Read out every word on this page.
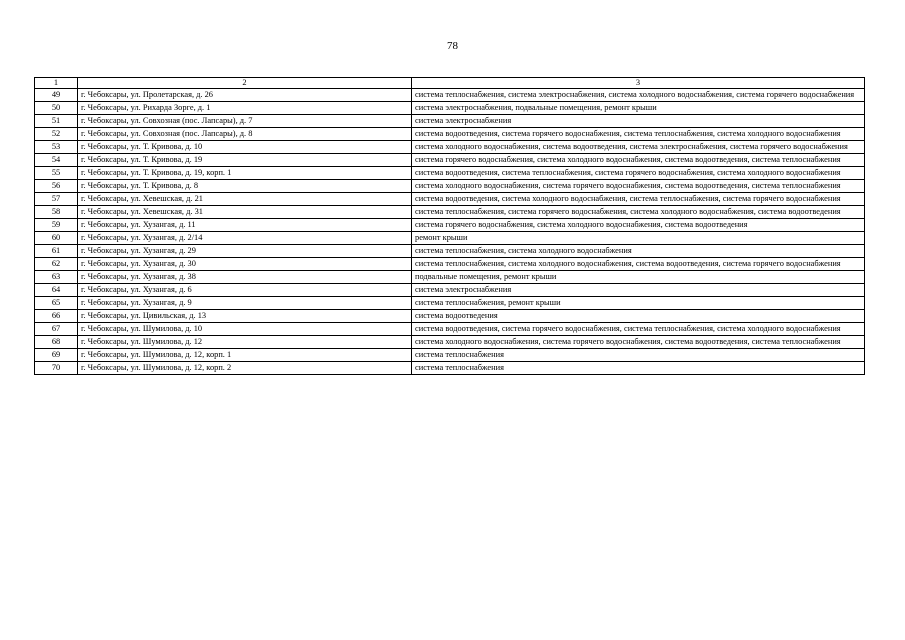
78
1	2	3
49	г. Чебоксары, ул. Пролетарская, д. 26	система теплоснабжения, система электроснабжения, система холодного водоснабжения, система горячего водоснабжения
50	г. Чебоксары, ул. Рихарда Зорге, д. 1	система электроснабжения, подвальные помещения, ремонт крыши
51	г. Чебоксары, ул. Совхозная (пос. Лапсары), д. 7	система электроснабжения
52	г. Чебоксары, ул. Совхозная (пос. Лапсары), д. 8	система водоотведения, система горячего водоснабжения, система теплоснабжения, система холодного водоснабжения
53	г. Чебоксары, ул. Т. Кривова, д. 10	система холодного водоснабжения, система водоотведения, система электроснабжения, система горячего водоснабжения
54	г. Чебоксары, ул. Т. Кривова, д. 19	система горячего водоснабжения, система холодного водоснабжения, система водоотведения, система теплоснабжения
55	г. Чебоксары, ул. Т. Кривова, д. 19, корп. 1	система водоотведения, система теплоснабжения, система горячего водоснабжения, система холодного водоснабжения
56	г. Чебоксары, ул. Т. Кривова, д. 8	система холодного водоснабжения, система горячего водоснабжения, система водоотведения, система теплоснабжения
57	г. Чебоксары, ул. Хевешская, д. 21	система водоотведения, система холодного водоснабжения, система теплоснабжения, система горячего водоснабжения
58	г. Чебоксары, ул. Хевешская, д. 31	система теплоснабжения, система горячего водоснабжения, система холодного водоснабжения, система водоотведения
59	г. Чебоксары, ул. Хузангая, д. 11	система горячего водоснабжения, система холодного водоснабжения, система водоотведения
60	г. Чебоксары, ул. Хузангая, д. 2/14	ремонт крыши
61	г. Чебоксары, ул. Хузангая, д. 29	система теплоснабжения, система холодного водоснабжения
62	г. Чебоксары, ул. Хузангая, д. 30	система теплоснабжения, система холодного водоснабжения, система водоотведения, система горячего водоснабжения
63	г. Чебоксары, ул. Хузангая, д. 38	подвальные помещения, ремонт крыши
64	г. Чебоксары, ул. Хузангая, д. 6	система электроснабжения
65	г. Чебоксары, ул. Хузангая, д. 9	система теплоснабжения, ремонт крыши
66	г. Чебоксары, ул. Цивильская, д. 13	система водоотведения
67	г. Чебоксары, ул. Шумилова, д. 10	система водоотведения, система горячего водоснабжения, система теплоснабжения, система холодного водоснабжения
68	г. Чебоксары, ул. Шумилова, д. 12	система холодного водоснабжения, система горячего водоснабжения, система водоотведения, система теплоснабжения
69	г. Чебоксары, ул. Шумилова, д. 12, корп. 1	система теплоснабжения
70	г. Чебоксары, ул. Шумилова, д. 12, корп. 2	система теплоснабжения
